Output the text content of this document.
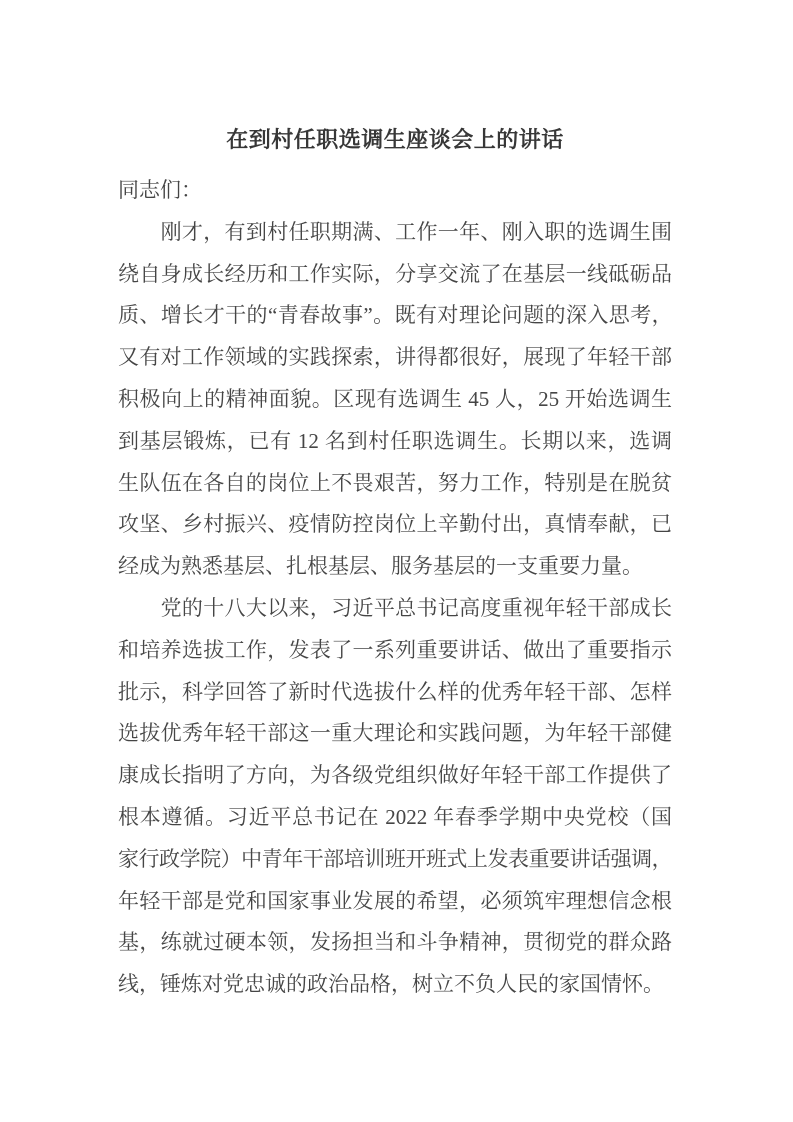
在到村任职选调生座谈会上的讲话
同志们：
刚才，有到村任职期满、工作一年、刚入职的选调生围
绕自身成长经历和工作实际，分享交流了在基层一线砥砺品
质、增长才干的“青春故事”。既有对理论问题的深入思考，
又有对工作领域的实践探索，讲得都很好，展现了年轻干部
积极向上的精神面貌。区现有选调生 45 人，25 开始选调生
到基层锻炼，已有 12 名到村任职选调生。长期以来，选调
生队伍在各自的岗位上不畏艰苦，努力工作，特别是在脱贫
攻坚、乡村振兴、疫情防控岗位上辛勤付出，真情奉献，已
经成为熟悉基层、扎根基层、服务基层的一支重要力量。
党的十八大以来，习近平总书记高度重视年轻干部成长
和培养选拔工作，发表了一系列重要讲话、做出了重要指示
批示，科学回答了新时代选拔什么样的优秀年轻干部、怎样
选拔优秀年轻干部这一重大理论和实践问题，为年轻干部健
康成长指明了方向，为各级党组织做好年轻干部工作提供了
根本遵循。习近平总书记在 2022 年春季学期中央党校（国
家行政学院）中青年干部培训班开班式上发表重要讲话强调，
年轻干部是党和国家事业发展的希望，必须筑牢理想信念根
基，练就过硬本领，发扬担当和斗争精神，贯彻党的群众路
线，锤炼对党忠诚的政治品格，树立不负人民的家国情怀。
